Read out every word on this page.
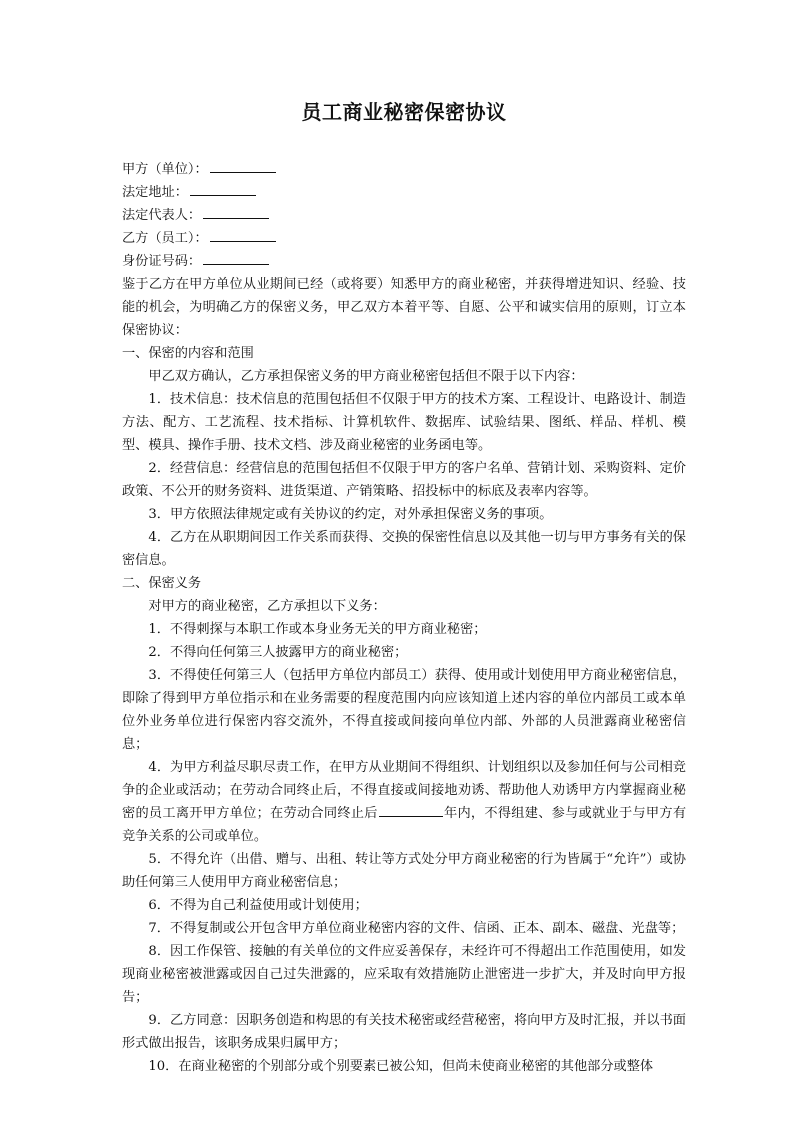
员工商业秘密保密协议
甲方（单位）：
法定地址：
法定代表人：
乙方（员工）：
身份证号码：

鉴于乙方在甲方单位从业期间已经（或将要）知悉甲方的商业秘密，并获得增进知识、经验、技能的机会，为明确乙方的保密义务，甲乙双方本着平等、自愿、公平和诚实信用的原则，订立本保密协议：

一、保密的内容和范围

甲乙双方确认，乙方承担保密义务的甲方商业秘密包括但不限于以下内容：

1．技术信息：技术信息的范围包括但不仅限于甲方的技术方案、工程设计、电路设计、制造方法、配方、工艺流程、技术指标、计算机软件、数据库、试验结果、图纸、样品、样机、模型、模具、操作手册、技术文档、涉及商业秘密的业务函电等。

2．经营信息：经营信息的范围包括但不仅限于甲方的客户名单、营销计划、采购资料、定价政策、不公开的财务资料、进货渠道、产销策略、招投标中的标底及表率内容等。

3．甲方依照法律规定或有关协议的约定，对外承担保密义务的事项。

4．乙方在从职期间因工作关系而获得、交换的保密性信息以及其他一切与甲方事务有关的保密信息。

二、保密义务

对甲方的商业秘密，乙方承担以下义务：

1．不得刺探与本职工作或本身业务无关的甲方商业秘密；

2．不得向任何第三人披露甲方的商业秘密；

3．不得使任何第三人（包括甲方单位内部员工）获得、使用或计划使用甲方商业秘密信息，即除了得到甲方单位指示和在业务需要的程度范围内向应该知道上述内容的单位内部员工或本单位外业务单位进行保密内容交流外，不得直接或间接向单位内部、外部的人员泄露商业秘密信息；

4．为甲方利益尽职尽责工作，在甲方从业期间不得组织、计划组织以及参加任何与公司相竞争的企业或活动；在劳动合同终止后，不得直接或间接地劝诱、帮助他人劝诱甲方内掌握商业秘密的员工离开甲方单位；在劳动合同终止后	年内，不得组建、参与或就业于与甲方有竞争关系的公司或单位。

5．不得允许（出借、赠与、出租、转让等方式处分甲方商业秘密的行为皆属于“允许”）或协助任何第三人使用甲方商业秘密信息；

6．不得为自己利益使用或计划使用；

7．不得复制或公开包含甲方单位商业秘密内容的文件、信函、正本、副本、磁盘、光盘等；

8．因工作保管、接触的有关单位的文件应妥善保存，未经许可不得超出工作范围使用，如发现商业秘密被泄露或因自己过失泄露的，应采取有效措施防止泄密进一步扩大，并及时向甲方报告；

9．乙方同意：因职务创造和构思的有关技术秘密或经营秘密，将向甲方及时汇报，并以书面形式做出报告，该职务成果归属甲方；

10．在商业秘密的个别部分或个别要素已被公知，但尚未使商业秘密的其他部分或整体
